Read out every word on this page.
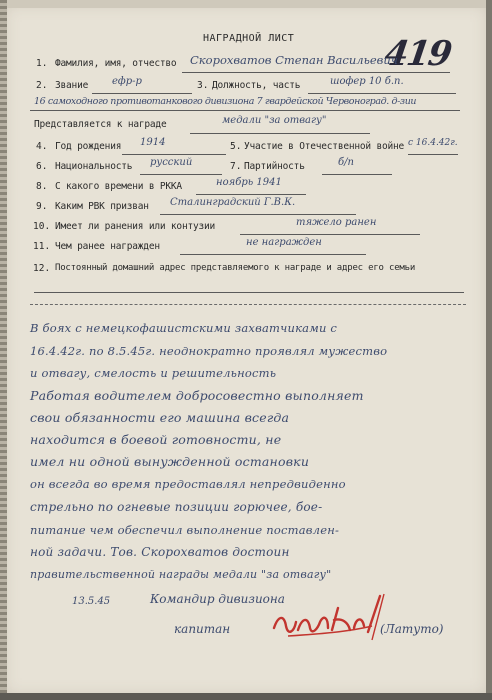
НАГРАДНОЙ ЛИСТ	419
1. Фамилия, имя, отчество Скорохватов Степан Васильевич
2. Звание ефр-р	3. Должность, часть	шофер 10 б.п.
16 самоходного противотанкового дивизиона 7 гвардейской Червоноград. д-зии
Представляется к награде	медали "за отвагу"
4. Год рождения 1914	5. Участие в Отечественной войне с 16.4.42г.
6. Национальность русский	7. Партийность	б/п
8. С какого времени в РККА	ноябрь 1941
9. Каким РВК призван Сталинградский Г.В.К.
10. Имеет ли ранения или контузии	тяжело ранен
11. Чем ранее награжден	не награжден
12. Постоянный домашний адрес представляемого к награде и адрес его семьи
В боях с немецкофашистскими захватчиками с
16.4.42г. по 8.5.45г. неоднократно проявлял мужество
и отвагу, смелость и решительность
Работая водителем добросовестно выполняет
свои обязанности его машина всегда
находится в боевой готовности, не
имел ни одной вынужденной остановки
он всегда во время предоставлял непредвиденно
стрельно по огневые позиции горючее, бое-
питание чем обеспечил выполнение поставлен-
ной задачи. Тов. Скорохватов достоин
правительственной награды медали "за отвагу"
13.5.45	Командир дивизиона
капитан	(Латуто)
